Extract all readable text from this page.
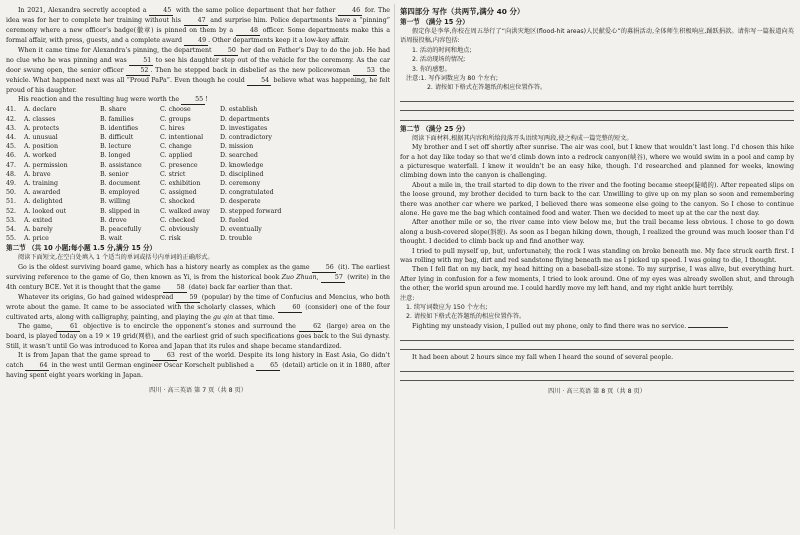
In 2021, Alexandra secretly accepted a	45 with the same police department that her father	46 for. The idea was for her to complete her training without his	47 and surprise him. Police departments have a “pinning” ceremony where a new officer’s badge(徽章) is pinned on them by a	48 officer. Some departments make this a formal affair, with press, guests, and a complete award	49 . Other departments keep it a low-key affair.

When it came time for Alexandra’s pinning, the department	50 her dad on Father’s Day to do the job. He had no clue who he was pinning and was	51 to see his daughter step out of the vehicle for the ceremony. As the car door swung open, the senior officer	52 . Then he stepped back in disbelief as the new policewoman	53 the vehicle. What happened next was all “Proud PaPa”. Even though he could	54 believe what was happening, he felt proud of his daughter.

His reaction and the resulting hug were worth the	55 !

41.	A. declare	B. share	C. choose	D. establish
42.	A. classes	B. families	C. groups	D. departments
43.	A. protects	B. identifies	C. hires	D. investigates
44.	A. unusual	B. difficult	C. intentional	D. contradictory
45.	A. position	B. lecture	C. change	D. mission
46.	A. worked	B. longed	C. applied	D. searched
47.	A. permission	B. assistance	C. presence	D. knowledge
48.	A. brave	B. senior	C. strict	D. disciplined
49.	A. training	B. document	C. exhibition	D. ceremony
50.	A. awarded	B. employed	C. assigned	D. congratulated
51.	A. delighted	B. willing	C. shocked	D. desperate
52.	A. looked out	B. slipped in	C. walked away	D. stepped forward
53.	A. exited	B. drove	C. checked	D. fueled
54.	A. barely	B. peacefully	C. obviously	D. eventually
55.	A. price	B. wait	C. risk	D. trouble

第二节 （共 10 小题;每小题 1.5 分,满分 15 分）

阅读下面短文,在空白处填入 1 个适当的单词或括号内单词的正确形式。

Go is the oldest surviving board game, which has a history nearly as complex as the game	56 (it). The earliest surviving reference to the game of Go, then known as Yi, is from the historical book Zuo Zhuan,	57 (write) in the 4th century BCE. Yet it is thought that the game	58 (date) back far earlier than that.

Whatever its origins, Go had gained widespread	59 (popular) by the time of Confucius and Mencius, who both wrote about the game. It came to be associated with the scholarly classes, which	60 (consider) one of the four cultivated arts, along with calligraphy, painting, and playing the gu qin at that time.

The game,	61 objective is to encircle the opponent’s stones and surround the	62 (large) area on the board, is played today on a 19 × 19 grid(网格), and the earliest grid of such specifications goes back to the Sui dynasty. Still, it wasn’t until Go was introduced to Korea and Japan that its rules and shape became standardized.

It is from Japan that the game spread to	63 rest of the world. Despite its long history in East Asia, Go didn’t catch	64 in the west until German engineer Oscar Korschelt published a	65 (detail) article on it in 1880, after having spent eight years working in Japan.

四川 · 高三英语 第 7 页（共 8 页）

第四部分 写作（共两节,满分 40 分）

第一节 （满分 15 分）

假定你是李华,你校在周五举行了“向洪灾地区(flood-hit areas)人民献爱心”的募捐活动,全体师生积极响应,踊跃捐款。请你写一篇报道向英语周报投稿,内容包括:

1. 活动的时间和地点;

2. 活动现场的情况;

3. 你的感想。

注意:1. 写作词数应为 80 个左右;

2. 请按如下格式在答题纸的相应位置作答。

第二节 （满分 25 分）

阅读下面材料,根据其内容和所给段落开头语续写两段,使之构成一篇完整的短文。

My brother and I set off shortly after sunrise. The air was cool, but I knew that wouldn’t last long. I’d chosen this hike for a hot day like today so that we’d climb down into a redrock canyon(峡谷), where we would swim in a pool and camp by a picturesque waterfall. I knew it wouldn’t be an easy hike, though. I’d researched and planned for weeks, knowing climbing down into the canyon is challenging.

About a mile in, the trail started to dip down to the river and the footing became steep(陡峭的). After repeated slips on the loose ground, my brother decided to turn back to the car. Unwilling to give up on my plan so soon and remembering there was another car where we parked, I believed there was someone else going to the canyon. So I chose to continue alone. He gave me the bag which contained food and water. Then we decided to meet up at the car the next day.

After another mile or so, the river came into view below me, but the trail became less obvious. I chose to go down along a bush-covered slope(斜坡). As soon as I began hiking down, though, I realized the ground was much looser than I’d thought. I decided to climb back up and find another way.

I tried to pull myself up, but, unfortunately, the rock I was standing on broke beneath me. My face struck earth first. I was rolling with my bag, dirt and red sandstone flying beneath me as I picked up speed. I was going to die, I thought.

Then I fell flat on my back, my head hitting on a baseball-size stone. To my surprise, I was alive, but everything hurt. After lying in confusion for a few moments, I tried to look around. One of my eyes was already swollen shut, and through the other, the world spun around me. I could hardly move my left hand, and my right ankle hurt terribly.

注意:

1. 续写词数应为 150 个左右;

2. 请按如下格式在答题纸的相应位置作答。

Fighting my unsteady vision, I pulled out my phone, only to find there was no service.

It had been about 2 hours since my fall when I heard the sound of several people.

四川 · 高三英语 第 8 页（共 8 页）
